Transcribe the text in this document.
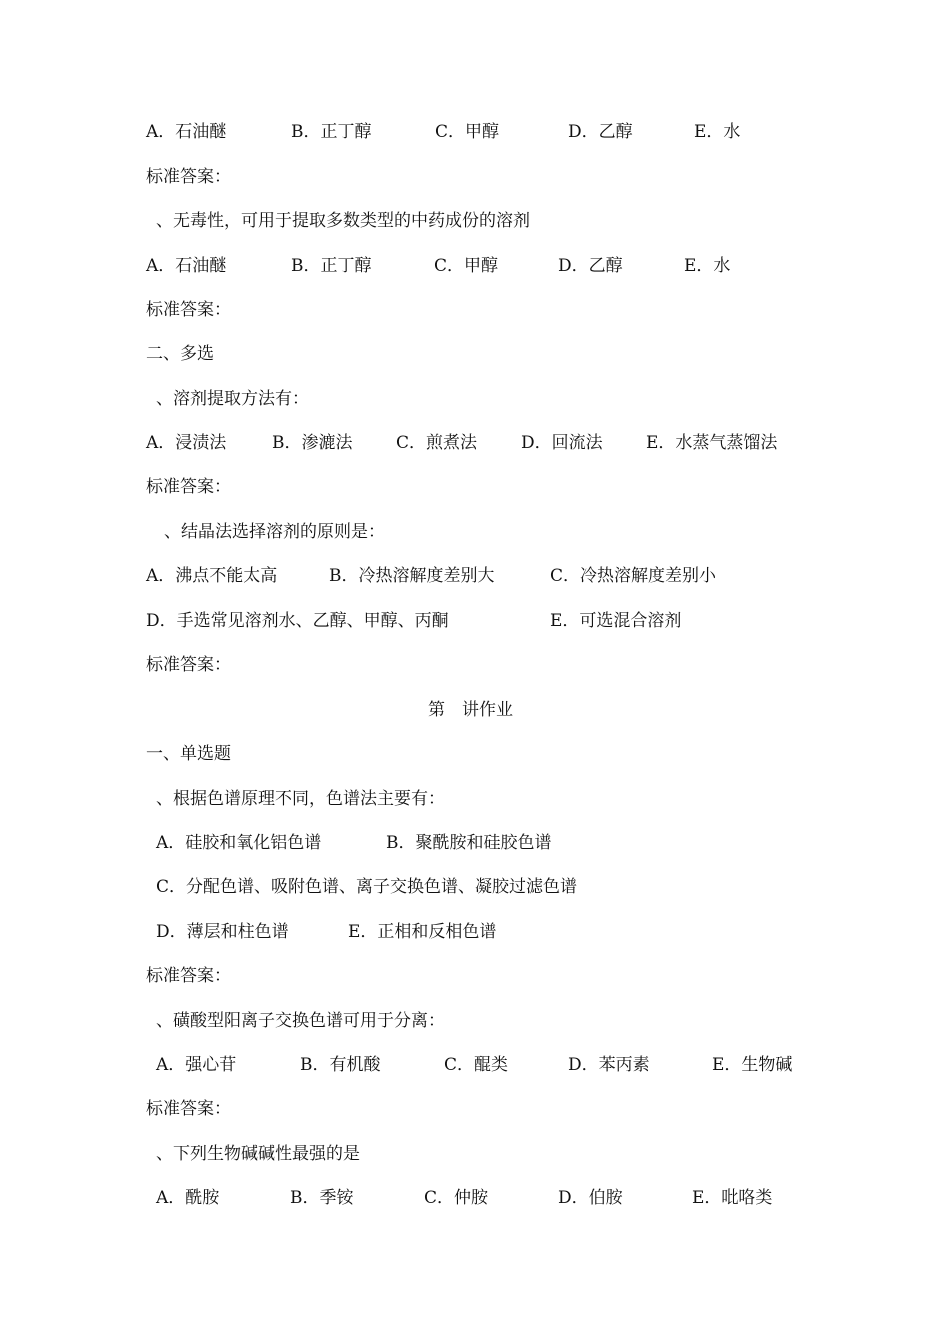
A．石油醚	B．正丁醇	C．甲醇	D．乙醇	E．水
标准答案：
、无毒性，可用于提取多数类型的中药成份的溶剂
A．石油醚	B．正丁醇	C．甲醇	D．乙醇	E．水
标准答案：
二、多选
、溶剂提取方法有：
A．浸渍法	B．渗漉法	C．煎煮法	D．回流法	E．水蒸气蒸馏法
标准答案：
、结晶法选择溶剂的原则是：
A．沸点不能太高	B．冷热溶解度差别大	C．冷热溶解度差别小
D．手选常见溶剂水、乙醇、甲醇、丙酮	E．可选混合溶剂
标准答案：
第　讲作业
一、单选题
、根据色谱原理不同，色谱法主要有：
A．硅胶和氧化铝色谱	B．聚酰胺和硅胶色谱
C．分配色谱、吸附色谱、离子交换色谱、凝胶过滤色谱
D．薄层和柱色谱	E．正相和反相色谱
标准答案：
、磺酸型阳离子交换色谱可用于分离：
A．强心苷	B．有机酸	C．醌类	D．苯丙素	E．生物碱
标准答案：
、下列生物碱碱性最强的是
A．酰胺	B．季铵	C．仲胺	D．伯胺	E．吡咯类
